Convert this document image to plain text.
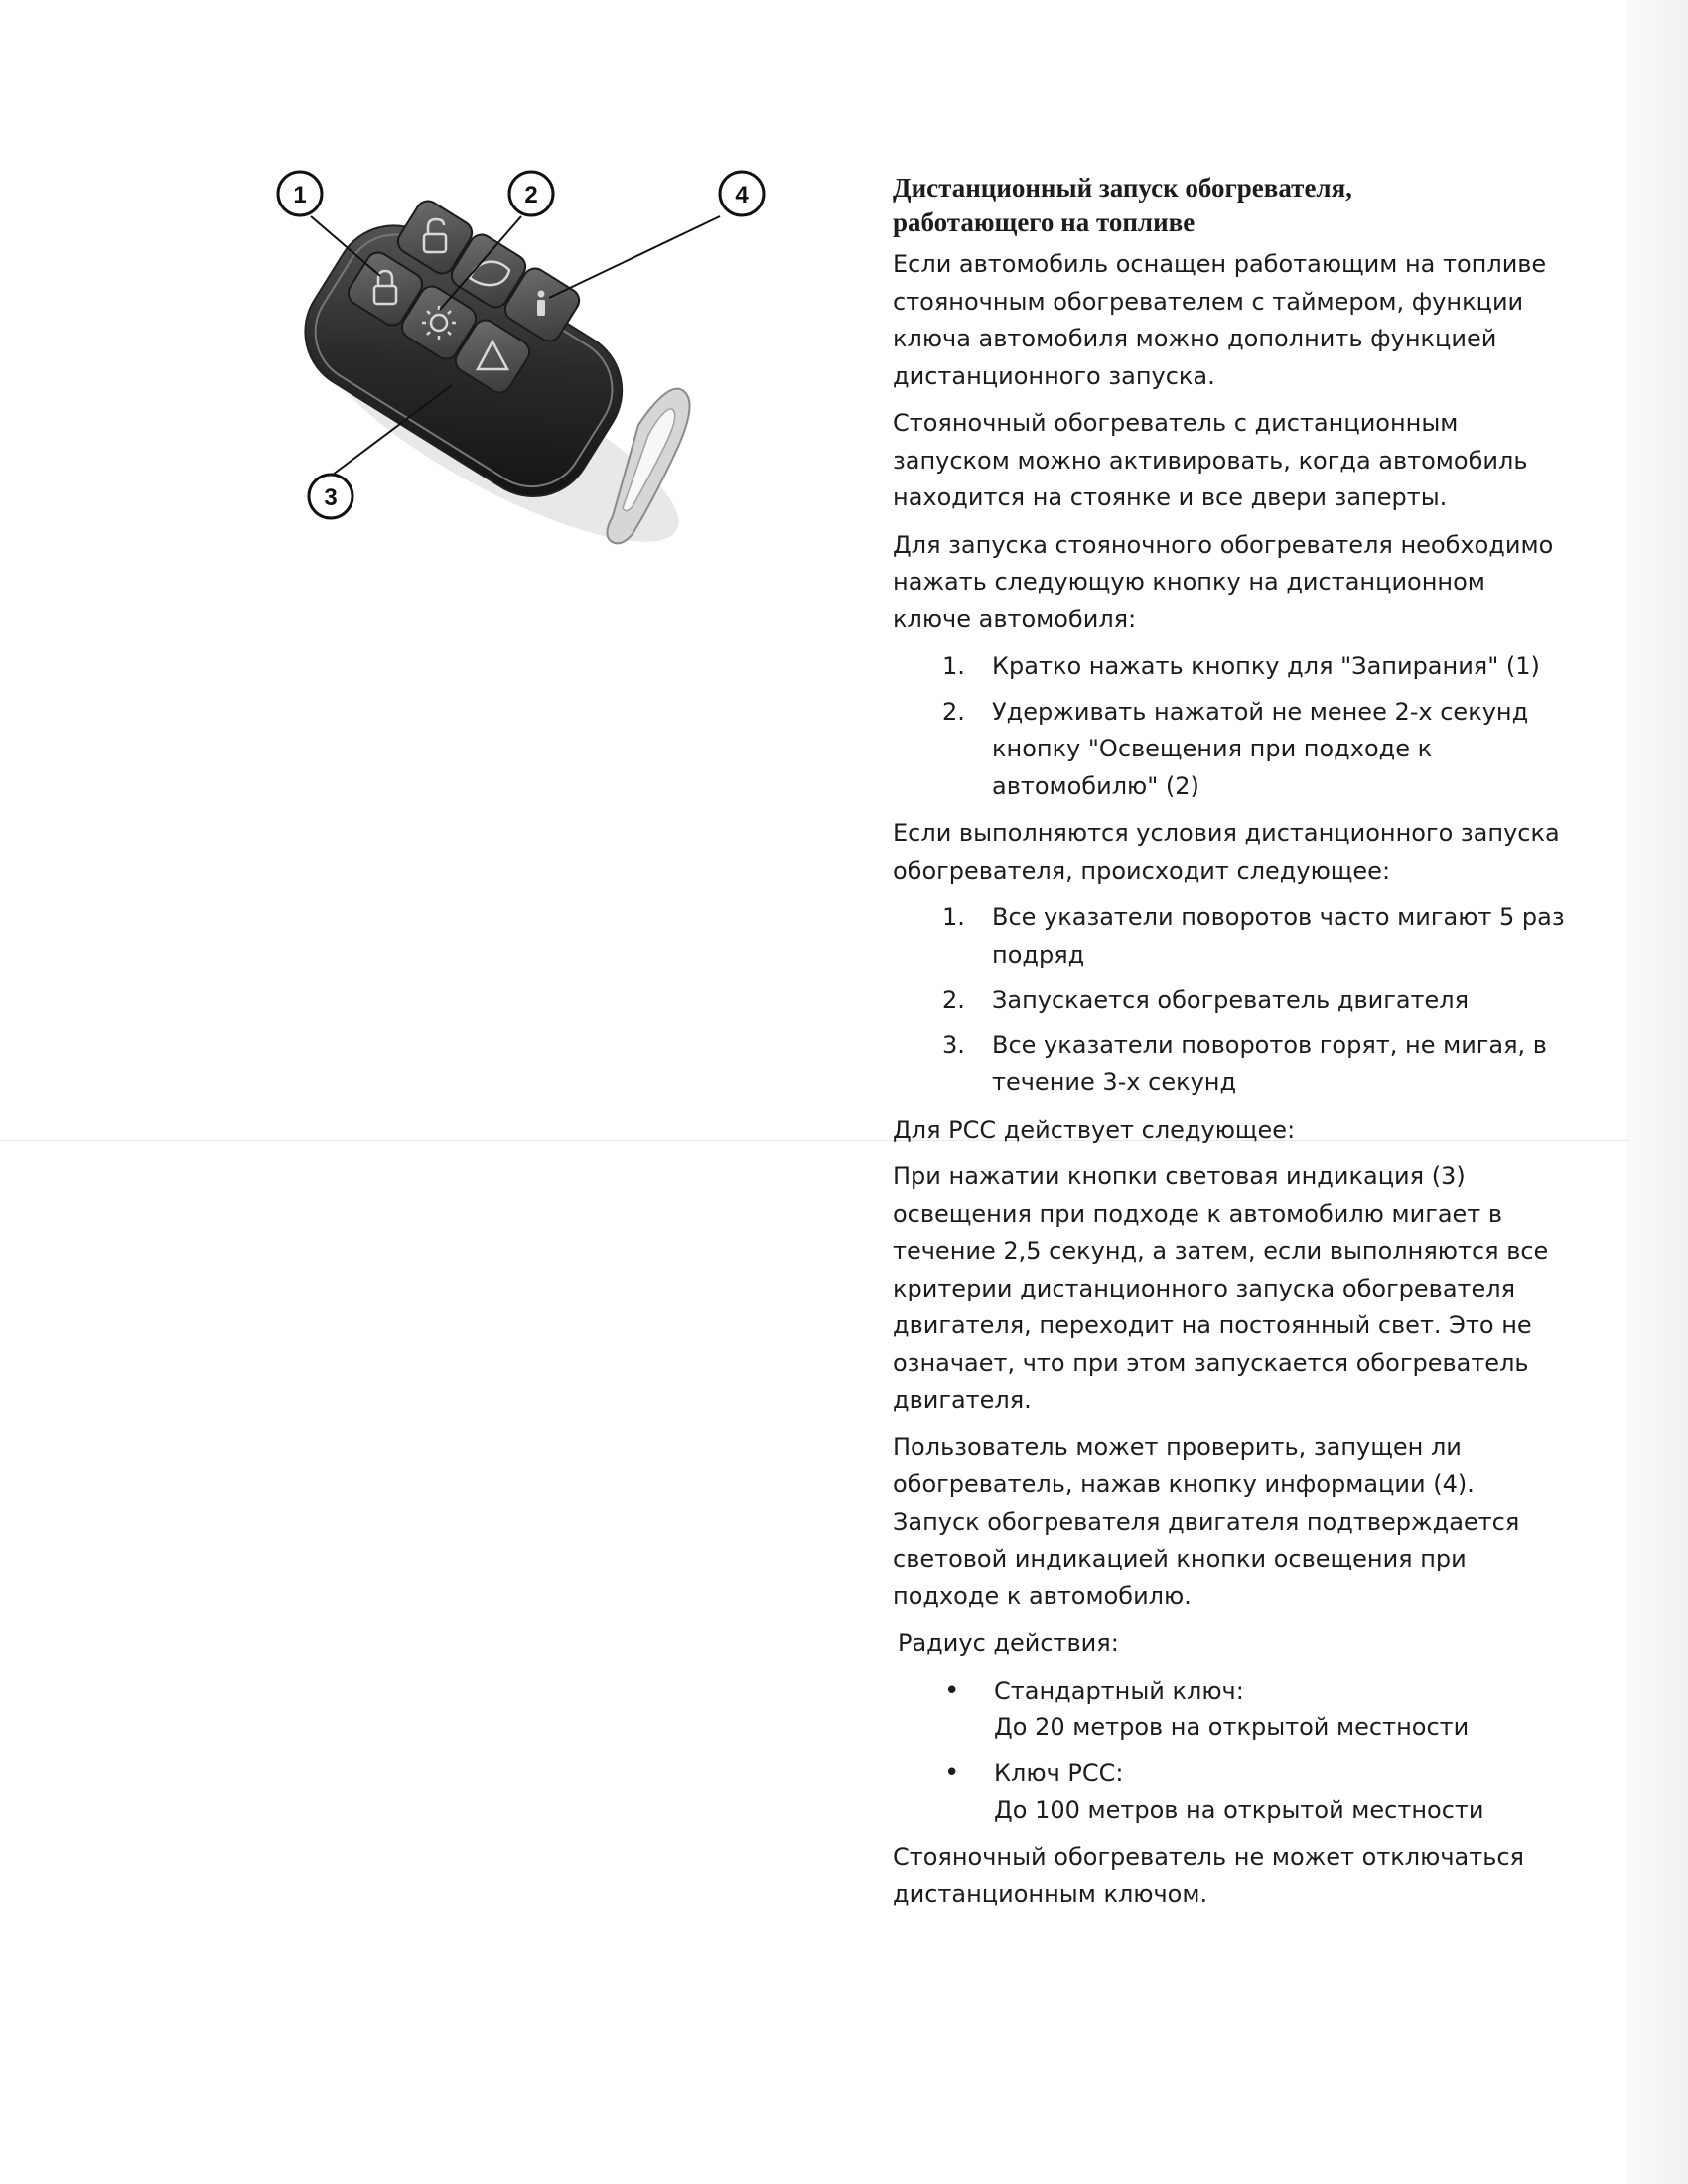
1	2
3
4	Дистанционный запуск обогревателя,
работающего на топливе

Если автомобиль оснащен работающим на топливе стояночным обогревателем с таймером, функции ключа автомобиля можно дополнить функцией дистанционного запуска.

Стояночный обогреватель с дистанционным запуском можно активировать, когда автомобиль находится на стоянке и все двери заперты.

Для запуска стояночного обогревателя необходимо нажать следующую кнопку на дистанционном ключе автомобиля:

1. Кратко нажать кнопку для "Запирания" (1)
2. Удерживать нажатой не менее 2-х секунд кнопку "Освещения при подходе к автомобилю" (2)

Если выполняются условия дистанционного запуска обогревателя, происходит следующее:

1. Все указатели поворотов часто мигают 5 раз подряд
2. Запускается обогреватель двигателя
3. Все указатели поворотов горят, не мигая, в течение 3-х секунд

Для PCC действует следующее:

При нажатии кнопки световая индикация (3) освещения при подходе к автомобилю мигает в течение 2,5 секунд, а затем, если выполняются все критерии дистанционного запуска обогревателя двигателя, переходит на постоянный свет. Это не означает, что при этом запускается обогреватель двигателя.

Пользователь может проверить, запущен ли обогреватель, нажав кнопку информации (4). Запуск обогревателя двигателя подтверждается световой индикацией кнопки освещения при подходе к автомобилю.

Радиус действия:

• Стандартный ключ:
До 20 метров на открытой местности
• Ключ PCC:
До 100 метров на открытой местности

Стояночный обогреватель не может отключаться дистанционным ключом.
